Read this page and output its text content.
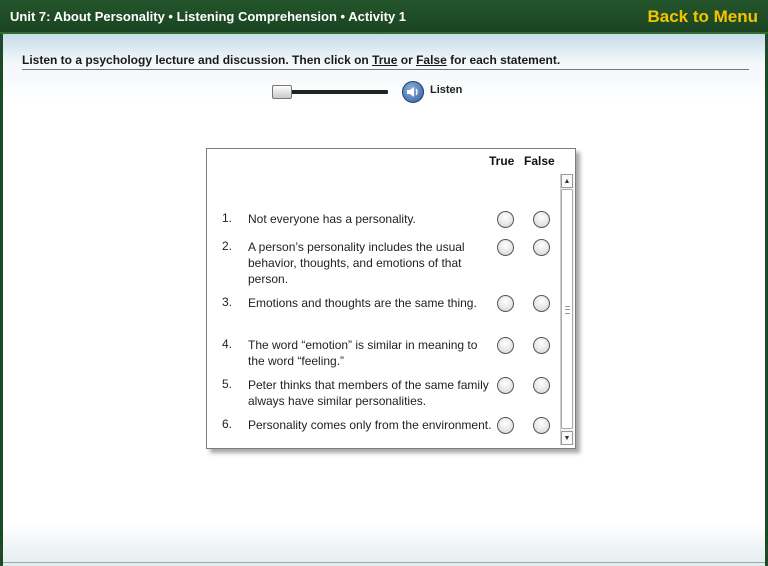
Unit 7: About Personality • Listening Comprehension • Activity 1	Back to Menu
Listen to a psychology lecture and discussion. Then click on True or False for each statement.
Listen
True False
1. Not everyone has a personality.
2. A person’s personality includes the usual behavior, thoughts, and emotions of that person.
3. Emotions and thoughts are the same thing.
4. The word “emotion” is similar in meaning to the word “feeling.”
5. Peter thinks that members of the same family always have similar personalities.
6. Personality comes only from the environment.
▲
▼
